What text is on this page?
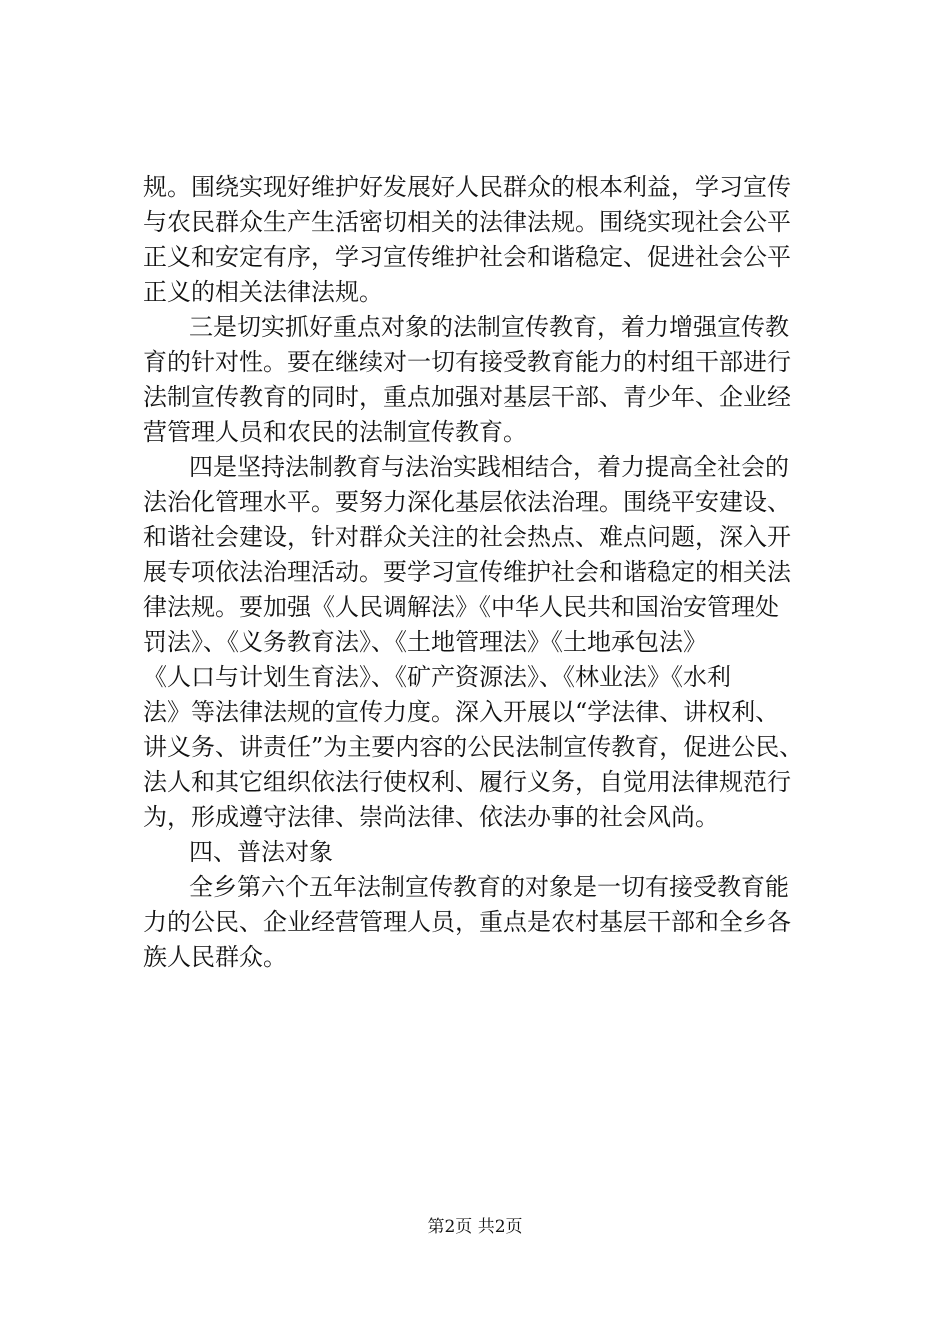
规。围绕实现好维护好发展好人民群众的根本利益，学习宣传
与农民群众生产生活密切相关的法律法规。围绕实现社会公平
正义和安定有序，学习宣传维护社会和谐稳定、促进社会公平
正义的相关法律法规。
三是切实抓好重点对象的法制宣传教育，着力增强宣传教
育的针对性。要在继续对一切有接受教育能力的村组干部进行
法制宣传教育的同时，重点加强对基层干部、青少年、企业经
营管理人员和农民的法制宣传教育。
四是坚持法制教育与法治实践相结合，着力提高全社会的
法治化管理水平。要努力深化基层依法治理。围绕平安建设、
和谐社会建设，针对群众关注的社会热点、难点问题，深入开
展专项依法治理活动。要学习宣传维护社会和谐稳定的相关法
律法规。要加强《人民调解法》《中华人民共和国治安管理处
罚法》、《义务教育法》、《土地管理法》《土地承包法》
《人口与计划生育法》、《矿产资源法》、《林业法》《水利
法》等法律法规的宣传力度。深入开展以“学法律、讲权利、
讲义务、讲责任”为主要内容的公民法制宣传教育，促进公民、
法人和其它组织依法行使权利、履行义务，自觉用法律规范行
为，形成遵守法律、崇尚法律、依法办事的社会风尚。
四、普法对象
全乡第六个五年法制宣传教育的对象是一切有接受教育能
力的公民、企业经营管理人员，重点是农村基层干部和全乡各
族人民群众。
第2页 共2页
